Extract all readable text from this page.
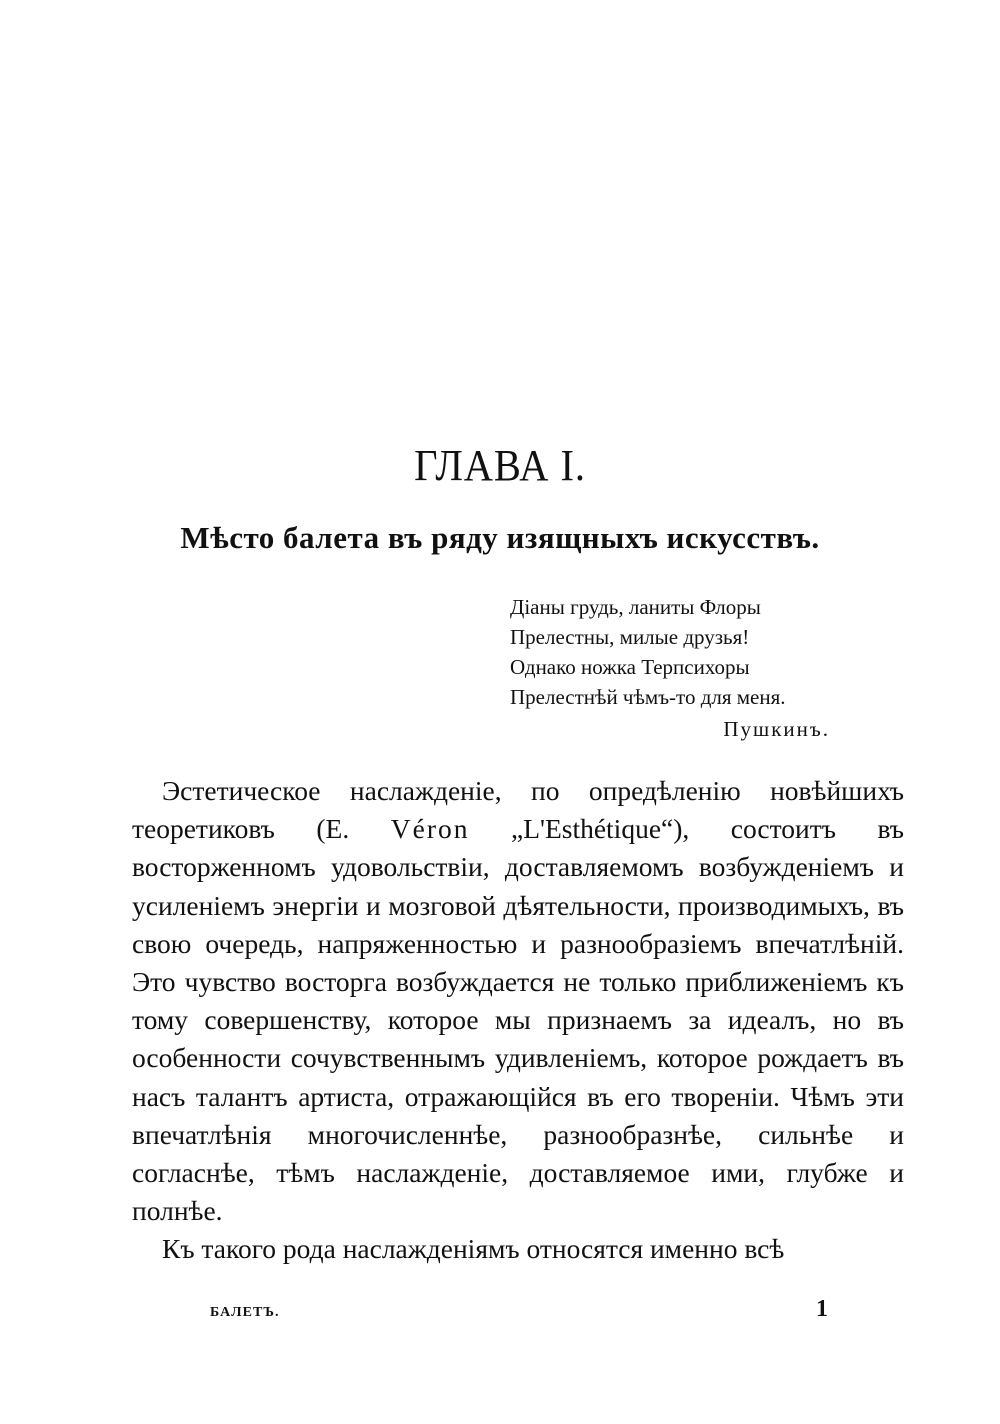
ГЛАВА I.
Мѣсто балета въ ряду изящныхъ искусствъ.
Діаны грудь, ланиты Флоры
Прелестны, милые друзья!
Однако ножка Терпсихоры
Прелестнѣй чѣмъ-то для меня.
Пушкинъ.

Эстетическое наслажденіе, по опредѣленію новѣйшихъ теоретиковъ (E. Véron „L'Esthétique“), состоитъ въ восторженномъ удовольствіи, доставляемомъ возбужденіемъ и усиленіемъ энергіи и мозговой дѣятельности, производимыхъ, въ свою очередь, напряженностью и разнообразіемъ впечатлѣній. Это чувство восторга возбуждается не только приближеніемъ къ тому совершенству, которое мы признаемъ за идеалъ, но въ особенности сочувственнымъ удивленіемъ, которое рождаетъ въ насъ талантъ артиста, отражающійся въ его твореніи. Чѣмъ эти впечатлѣнія многочисленнѣе, разнообразнѣе, сильнѣе и согласнѣе, тѣмъ наслажденіе, доставляемое ими, глубже и полнѣе.

Къ такого рода наслажденіямъ относятся именно всѣ

БАЛЕТЪ.	1
